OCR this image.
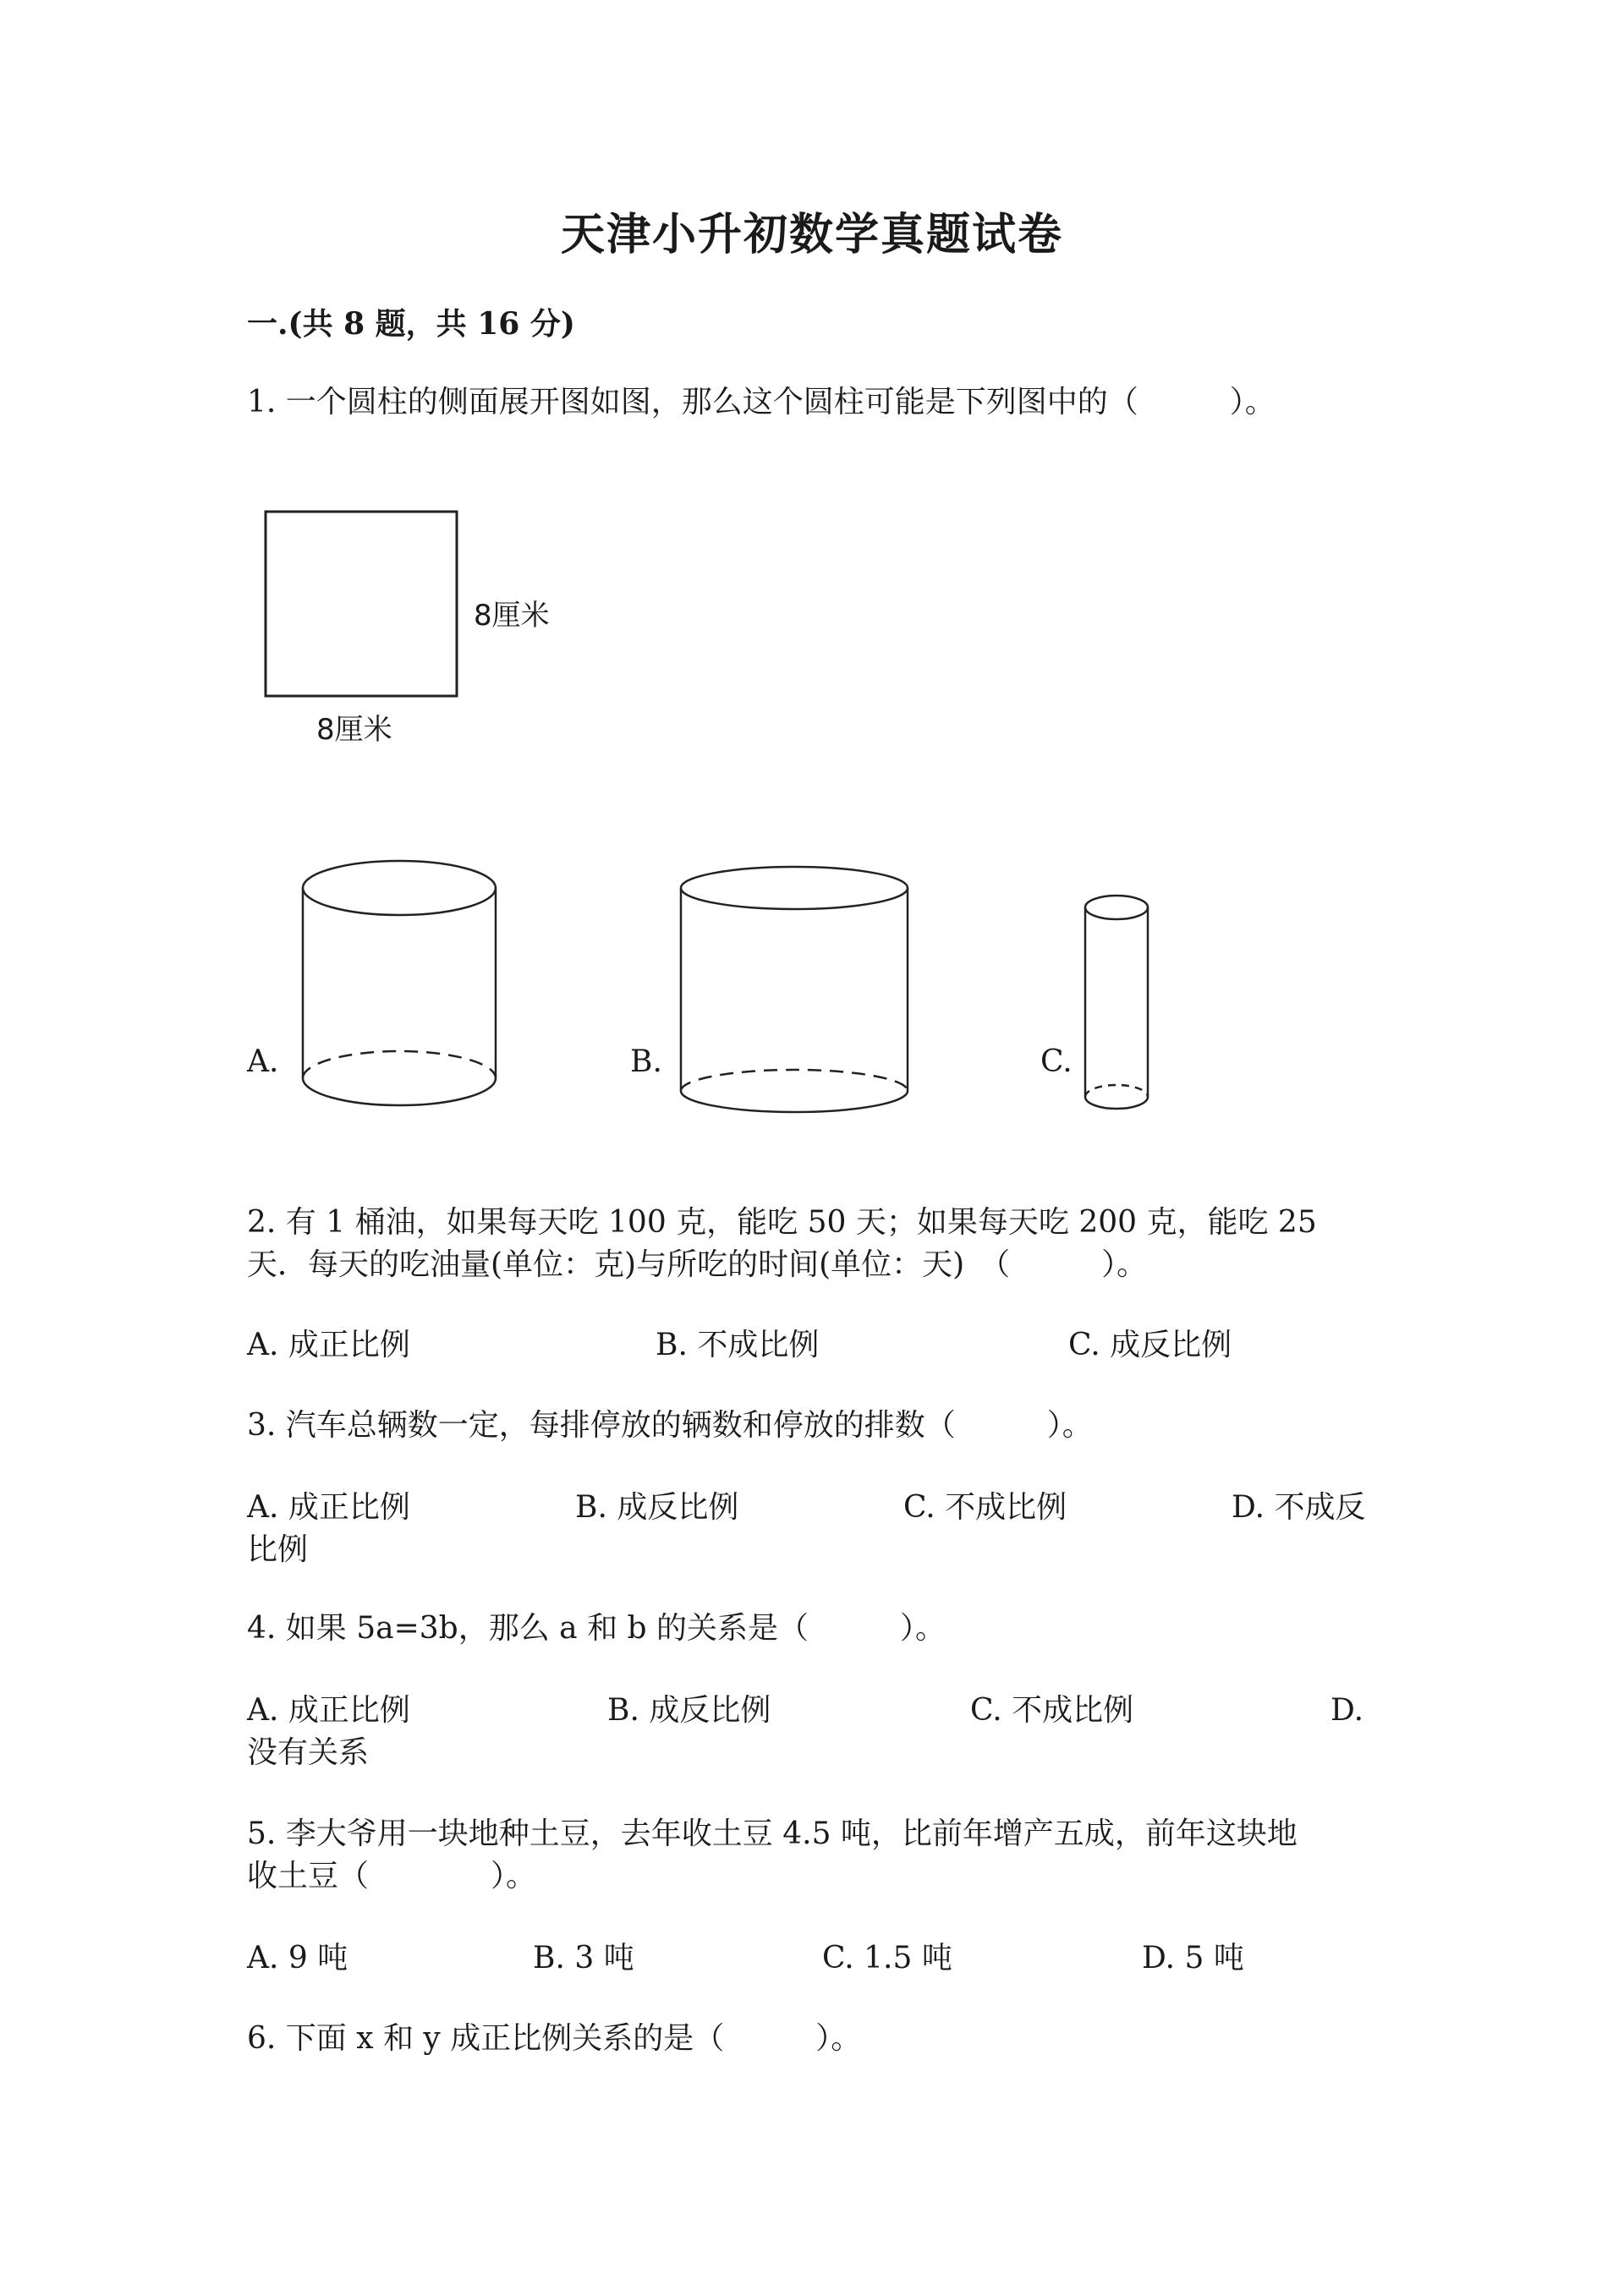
天津小升初数学真题试卷
一.(共 8 题，共 16 分)
1. 一个圆柱的侧面展开图如图，那么这个圆柱可能是下列图中的（　　　）。
8厘米
8厘米
A.	B.	C.
2. 有 1 桶油，如果每天吃 100 克，能吃 50 天；如果每天吃 200 克，能吃 25
天．每天的吃油量(单位：克)与所吃的时间(单位：天)　（　　　）。
A. 成正比例	B. 不成比例	C. 成反比例
3. 汽车总辆数一定，每排停放的辆数和停放的排数（　　　）。
A. 成正比例	B. 成反比例	C. 不成比例	D. 不成反
比例
4. 如果 5a=3b，那么 a 和 b 的关系是（　　　）。
A. 成正比例	B. 成反比例	C. 不成比例	D.
没有关系
5. 李大爷用一块地种土豆，去年收土豆 4.5 吨，比前年增产五成，前年这块地
收土豆（　　　　）。
A. 9 吨	B. 3 吨	C. 1.5 吨	D. 5 吨
6. 下面 x 和 y 成正比例关系的是（　　　）。
